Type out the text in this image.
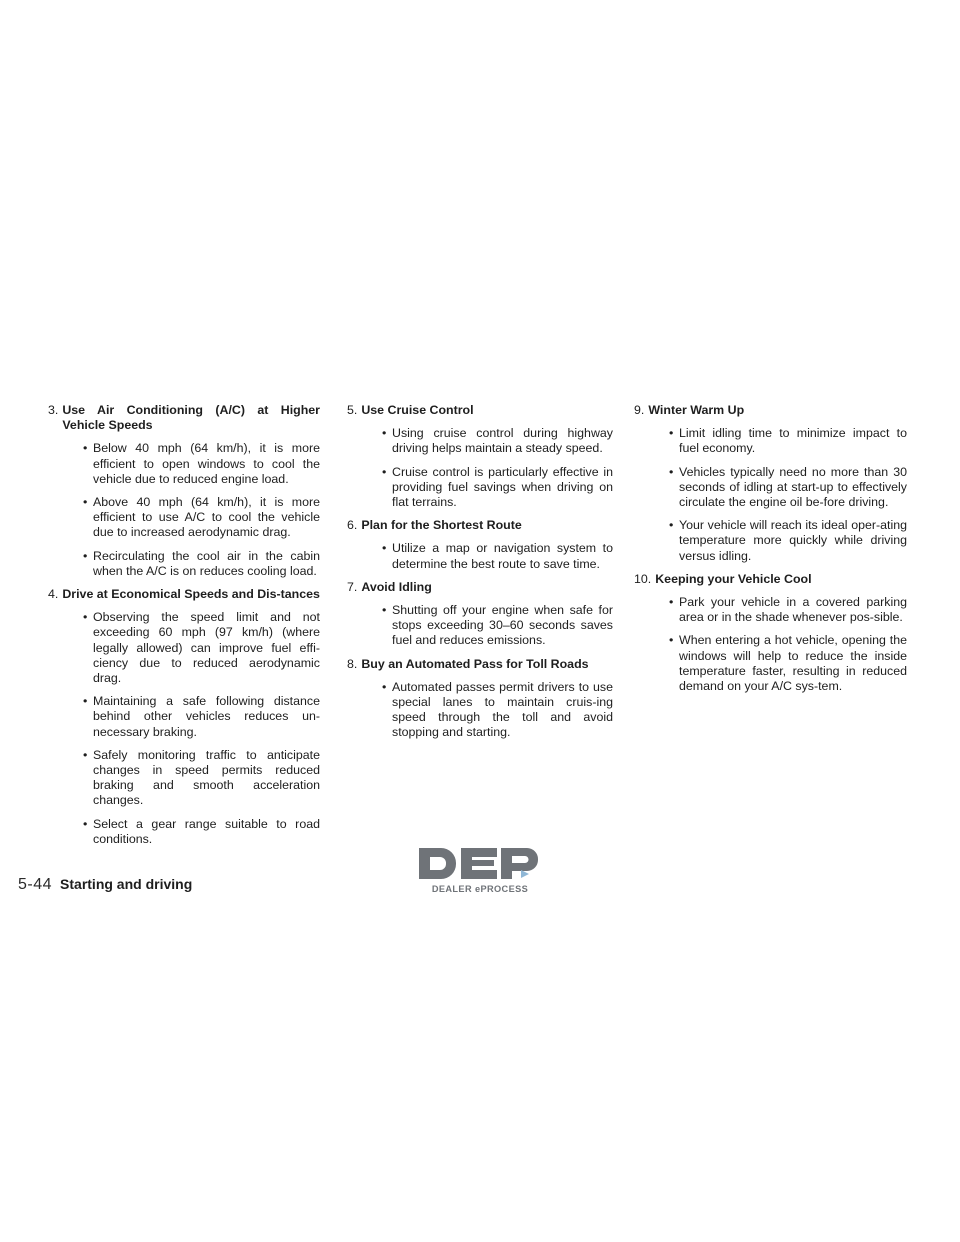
3. Use Air Conditioning (A/C) at Higher Vehicle Speeds
• Below 40 mph (64 km/h), it is more efficient to open windows to cool the vehicle due to reduced engine load.
• Above 40 mph (64 km/h), it is more efficient to use A/C to cool the vehicle due to increased aerodynamic drag.
• Recirculating the cool air in the cabin when the A/C is on reduces cooling load.
4. Drive at Economical Speeds and Dis-tances
• Observing the speed limit and not exceeding 60 mph (97 km/h) (where legally allowed) can improve fuel effi-ciency due to reduced aerodynamic drag.
• Maintaining a safe following distance behind other vehicles reduces un-necessary braking.
• Safely monitoring traffic to anticipate changes in speed permits reduced braking and smooth acceleration changes.
• Select a gear range suitable to road conditions.
5. Use Cruise Control
• Using cruise control during highway driving helps maintain a steady speed.
• Cruise control is particularly effective in providing fuel savings when driving on flat terrains.
6. Plan for the Shortest Route
• Utilize a map or navigation system to determine the best route to save time.
7. Avoid Idling
• Shutting off your engine when safe for stops exceeding 30–60 seconds saves fuel and reduces emissions.
8. Buy an Automated Pass for Toll Roads
• Automated passes permit drivers to use special lanes to maintain cruis-ing speed through the toll and avoid stopping and starting.
9. Winter Warm Up
• Limit idling time to minimize impact to fuel economy.
• Vehicles typically need no more than 30 seconds of idling at start-up to effectively circulate the engine oil be-fore driving.
• Your vehicle will reach its ideal oper-ating temperature more quickly while driving versus idling.
10. Keeping your Vehicle Cool
• Park your vehicle in a covered parking area or in the shade whenever pos-sible.
• When entering a hot vehicle, opening the windows will help to reduce the inside temperature faster, resulting in reduced demand on your A/C sys-tem.
5-44 Starting and driving	DEALER ePROCESS
